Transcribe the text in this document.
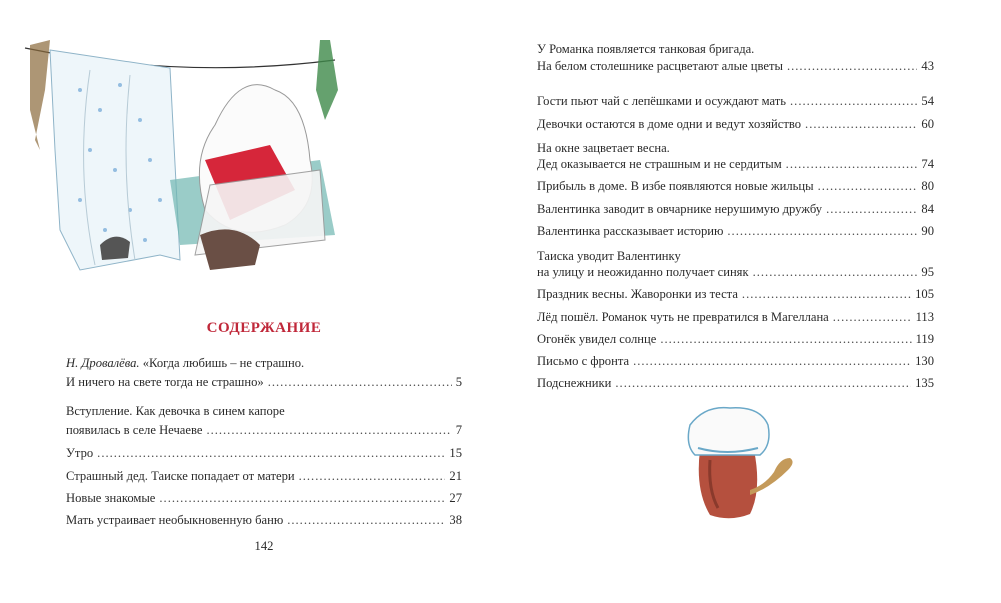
СОДЕРЖАНИЕ
Н. Дровалёва. «Когда любишь – не страшно.
И ничего на свете тогда не страшно» .....	5
Вступление. Как девочка в синем капоре
появилась в селе Нечаеве .....	7
Утро .....	15
Страшный дед. Таиске попадает от матери .....	21
Новые знакомые .....	27
Мать устраивает необыкновенную баню .....	38
142
У Романка появляется танковая бригада.
На белом столешнике расцветают алые цветы .....	43
Гости пьют чай с лепёшками и осуждают мать .....	54
Девочки остаются в доме одни и ведут хозяйство .....	60
На окне зацветает весна.
Дед оказывается не страшным и не сердитым .....	74
Прибыль в доме. В избе появляются новые жильцы .....	80
Валентинка заводит в овчарнике нерушимую дружбу .....	84
Валентинка рассказывает историю .....	90
Таиска уводит Валентинку
на улицу и неожиданно получает синяк .....	95
Праздник весны. Жаворонки из теста .....	105
Лёд пошёл. Романок чуть не превратился в Магеллана .....	113
Огонёк увидел солнце .....	119
Письмо с фронта .....	130
Подснежники .....	135
